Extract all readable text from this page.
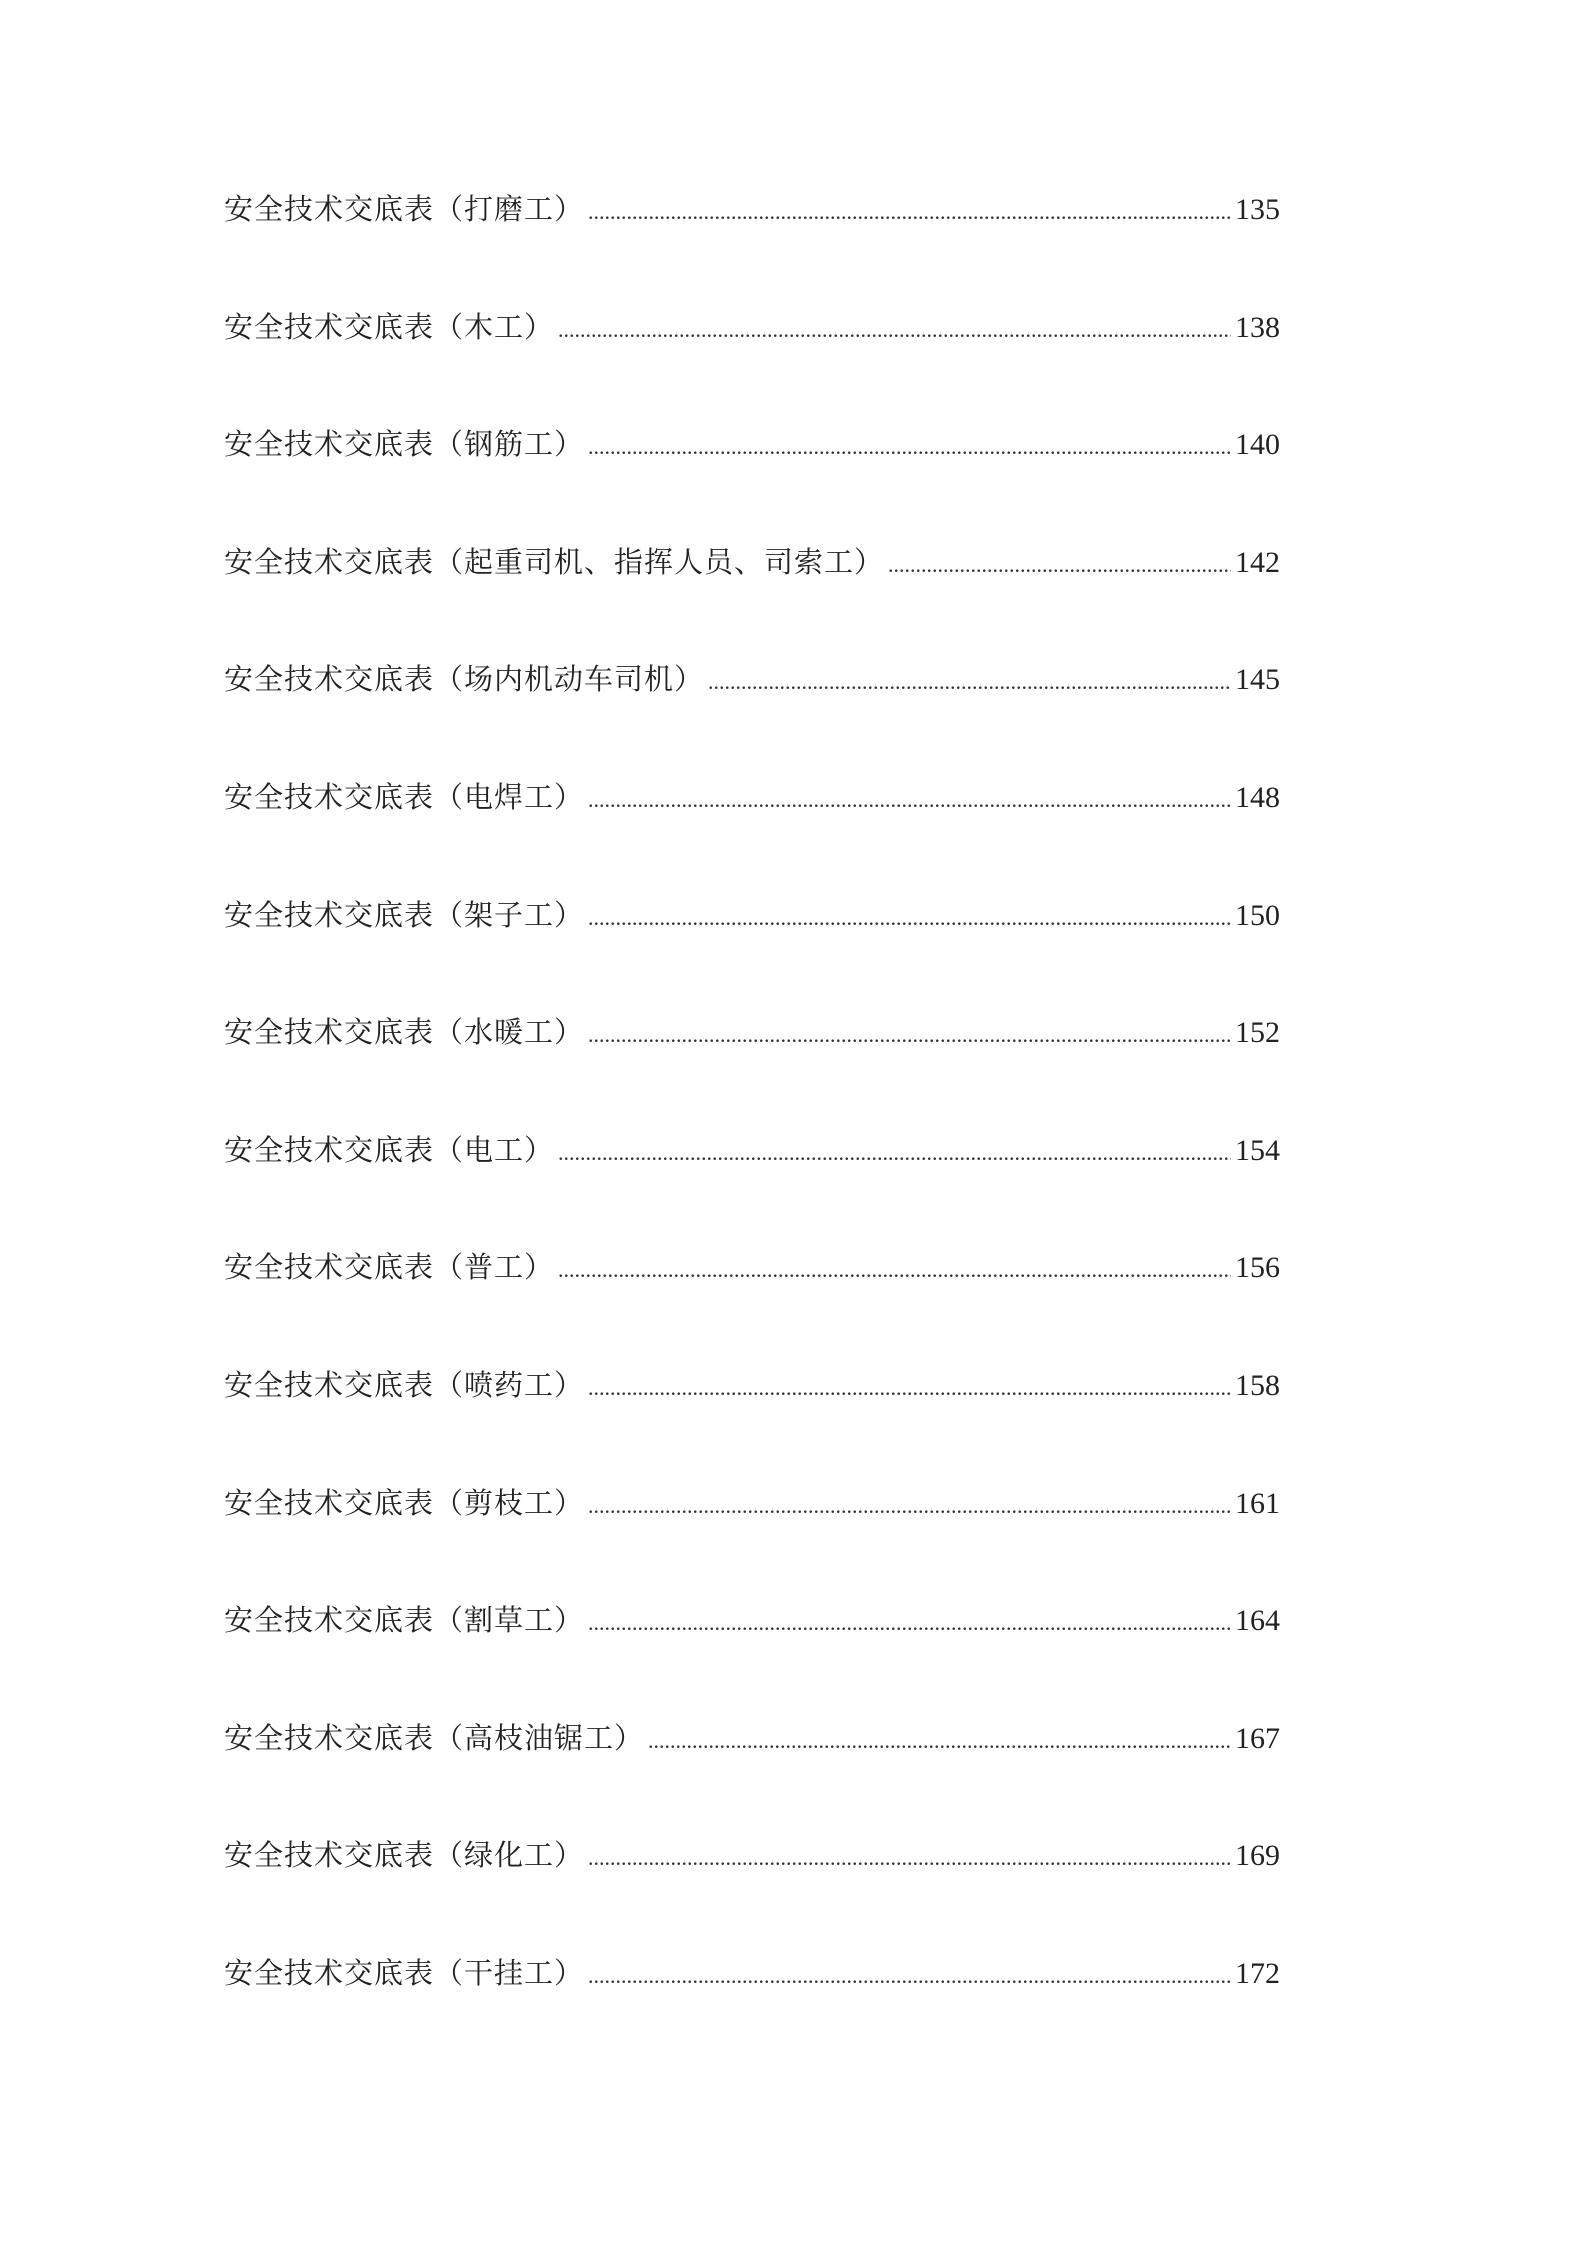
安全技术交底表（打磨工） .....	135
安全技术交底表（木工） .....	138
安全技术交底表（钢筋工） .....	140
安全技术交底表（起重司机、指挥人员、司索工） .....	142
安全技术交底表（场内机动车司机） .....	145
安全技术交底表（电焊工） .....	148
安全技术交底表（架子工） .....	150
安全技术交底表（水暖工） .....	152
安全技术交底表（电工） .....	154
安全技术交底表（普工） .....	156
安全技术交底表（喷药工） .....	158
安全技术交底表（剪枝工） .....	161
安全技术交底表（割草工） .....	164
安全技术交底表（高枝油锯工） .....	167
安全技术交底表（绿化工） .....	169
安全技术交底表（干挂工） .....	172
